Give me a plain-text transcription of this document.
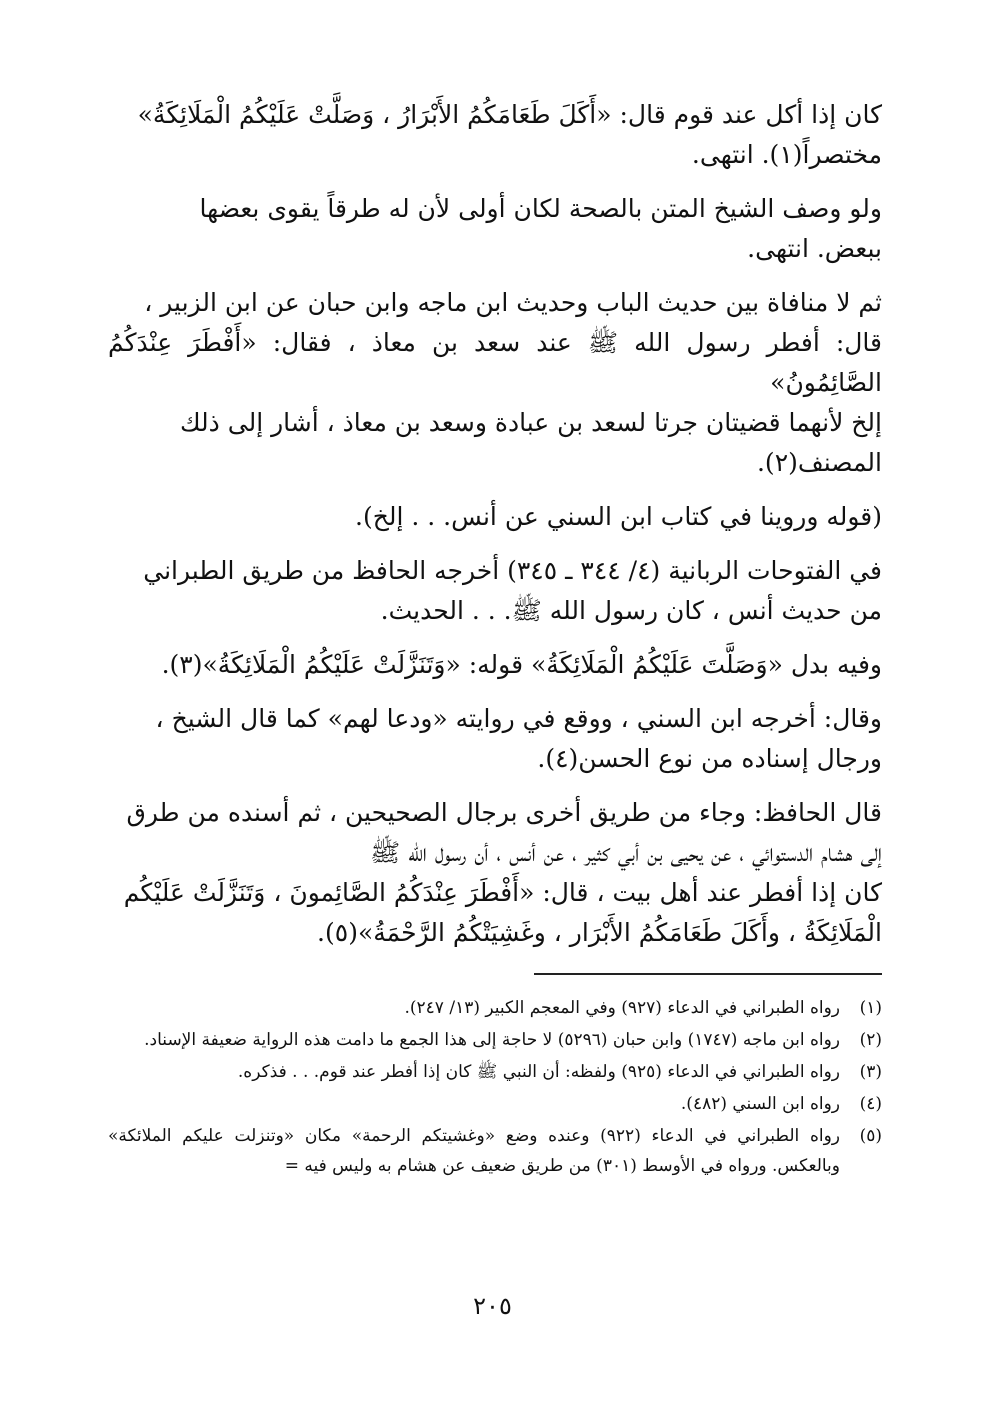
كان إذا أكل عند قوم قال: «أَكَلَ طَعَامَكُمُ الأَبْرَارُ ، وَصَلَّتْ عَلَيْكُمُ الْمَلَائِكَةُ»
مختصراً(١). انتهى.

ولو وصف الشيخ المتن بالصحة لكان أولى لأن له طرقاً يقوى بعضها
ببعض. انتهى.

ثم لا منافاة بين حديث الباب وحديث ابن ماجه وابن حبان عن ابن الزبير ،
قال: أفطر رسول الله ﷺ عند سعد بن معاذ ، فقال: «أَفْطَرَ عِنْدَكُمُ الصَّائِمُونُ»
إلخ لأنهما قضيتان جرتا لسعد بن عبادة وسعد بن معاذ ، أشار إلى ذلك
المصنف(٢).

(قوله وروينا في كتاب ابن السني عن أنس. . . إلخ).

في الفتوحات الربانية (٤/ ٣٤٤ ـ ٣٤٥) أخرجه الحافظ من طريق الطبراني
من حديث أنس ، كان رسول الله ﷺ. . . الحديث.

وفيه بدل «وَصَلَّتَ عَلَيْكُمُ الْمَلَائِكَةُ» قوله: «وَتَنَزَّلَتْ عَلَيْكُمُ الْمَلَائِكَةُ»(٣).

وقال: أخرجه ابن السني ، ووقع في روايته «ودعا لهم» كما قال الشيخ ،
ورجال إسناده من نوع الحسن(٤).

قال الحافظ: وجاء من طريق أخرى برجال الصحيحين ، ثم أسنده من طرق
إلى هشام الدستوائي ، عن يحيى بن أبي كثير ، عن أنس ، أن رسول الله ﷺ
كان إذا أفطر عند أهل بيت ، قال: «أَفْطَرَ عِنْدَكُمُ الصَّائِمونَ ، وَتَنَزَّلَتْ عَلَيْكُم
الْمَلَائِكَةُ ، وأَكَلَ طَعَامَكُمُ الأَبْرَار ، وغَشِيَتْكُمُ الرَّحْمَةُ»(٥).

(١)
رواه الطبراني في الدعاء (٩٢٧) وفي المعجم الكبير (١٣/ ٢٤٧).
(٢)
رواه ابن ماجه (١٧٤٧) وابن حبان (٥٢٩٦) لا حاجة إلى هذا الجمع ما دامت هذه الرواية ضعيفة الإسناد.
(٣)
رواه الطبراني في الدعاء (٩٢٥) ولفظه: أن النبي ﷺ كان إذا أفطر عند قوم. . . فذكره.
(٤)
رواه ابن السني (٤٨٢).
(٥)
رواه الطبراني في الدعاء (٩٢٢) وعنده وضع «وغشيتكم الرحمة» مكان «وتنزلت عليكم الملائكة» وبالعكس. ورواه في الأوسط (٣٠١) من طريق ضعيف عن هشام به وليس فيه =
٢٠٥
